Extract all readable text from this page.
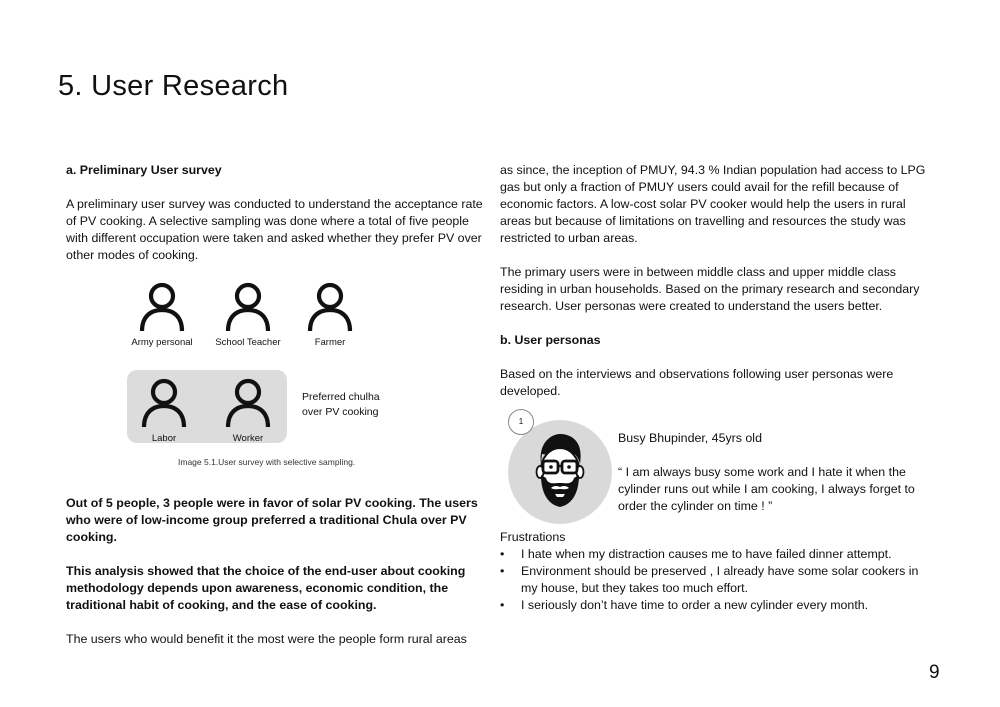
5. User Research

a. Preliminary User survey

A preliminary user survey was conducted to understand the acceptance rate of PV cooking. A selective sampling was done where a total of five people with different occupation were taken and asked whether they prefer PV over other modes of cooking.

Army personal	School Teacher	Farmer
Labor	Worker
Preferred chulha over PV cooking
Image 5.1.User survey with selective sampling.

Out of 5 people, 3 people were in favor of solar PV cooking. The users who were of low-income group preferred a traditional Chula over PV cooking.

This analysis showed that the choice of the end-user about cooking methodology depends upon awareness, economic condition, the traditional habit of cooking, and the ease of cooking.

The users who would benefit it the most were the people form rural areas

as since, the inception of PMUY, 94.3 % Indian population had access to LPG gas but only a fraction of PMUY users could avail for the refill because of economic factors. A low-cost solar PV cooker would help the users in rural areas but because of limitations on travelling and resources the study was restricted to urban areas.

The primary users were in between middle class and upper middle class residing in urban households. Based on the primary research and secondary research. User personas were created to understand the users better.

b. User personas

Based on the interviews and observations following user personas were developed.

1
Busy Bhupinder, 45yrs old
“ I am always busy some work and I hate it when the cylinder runs out while I am cooking, I always forget to order the cylinder on time ! ”

Frustrations

• I hate when my distraction causes me to have failed dinner attempt.
• Environment should be preserved , I already have some solar cookers in my house, but they takes too much effort.
• I seriously don’t have time to order a new cylinder every month.
9
